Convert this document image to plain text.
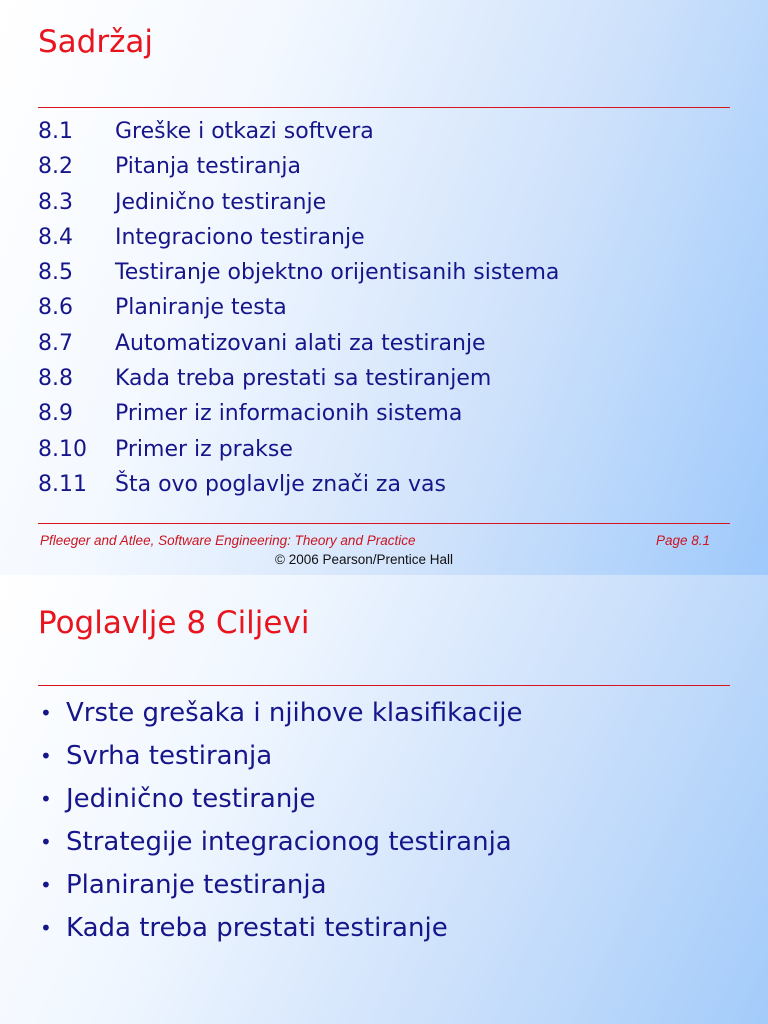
Sadržaj
8.1 Greške i otkazi softvera
8.2 Pitanja testiranja
8.3 Jedinično testiranje
8.4 Integraciono testiranje
8.5 Testiranje objektno orijentisanih sistema
8.6 Planiranje testa
8.7 Automatizovani alati za testiranje
8.8 Kada treba prestati sa testiranjem
8.9 Primer iz informacionih sistema
8.10 Primer iz prakse
8.11 Šta ovo poglavlje znači za vas
Pfleeger and Atlee, Software Engineering: Theory and Practice	Page 8.1
© 2006 Pearson/Prentice Hall
Poglavlje 8 Ciljevi
• Vrste grešaka i njihove klasifikacije
• Svrha testiranja
• Jedinično testiranje
• Strategije integracionog testiranja
• Planiranje testiranja
• Kada treba prestati testiranje
